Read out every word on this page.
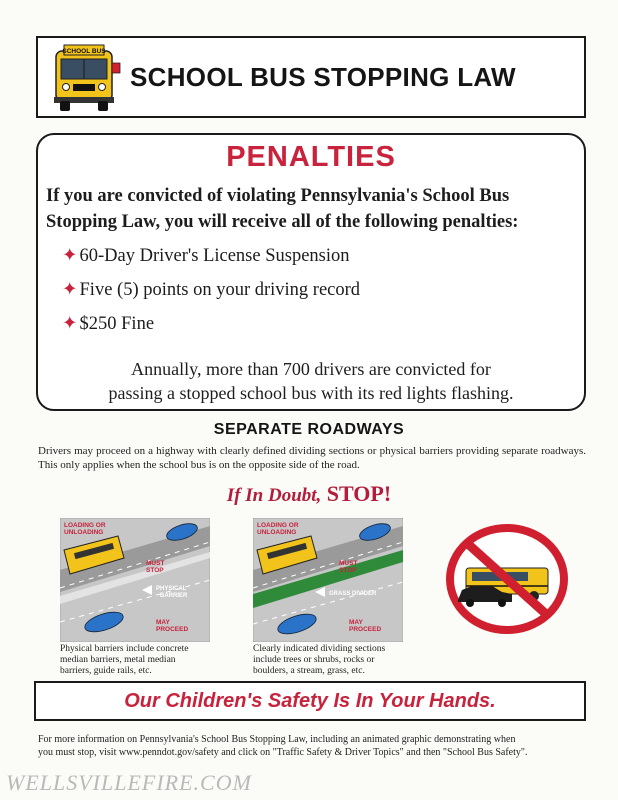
SCHOOL BUS
SCHOOL BUS STOPPING LAW
PENALTIES
If you are convicted of violating Pennsylvania's School Bus
Stopping Law, you will receive all of the following penalties:
✦ 60-Day Driver's License Suspension
✦ Five (5) points on your driving record
✦ $250 Fine
Annually, more than 700 drivers are convicted for
passing a stopped school bus with its red lights flashing.
SEPARATE ROADWAYS
Drivers may proceed on a highway with clearly defined dividing sections or physical barriers providing separate roadways. This only applies when the school bus is on the opposite side of the road.
If In Doubt, STOP!
LOADING OR
UNLOADING
MUST
STOP
PHYSICAL
BARRIER
MAY
PROCEED
Physical barriers include concrete
median barriers, metal median
barriers, guide rails, etc.
LOADING OR
UNLOADING
MUST
STOP
GRASS DIVIDER
MAY
PROCEED
Clearly indicated dividing sections
include trees or shrubs, rocks or
boulders, a stream, grass, etc.
Our Children's Safety Is In Your Hands.
For more information on Pennsylvania's School Bus Stopping Law, including an animated graphic demonstrating when
you must stop, visit www.penndot.gov/safety and click on "Traffic Safety & Driver Topics" and then "School Bus Safety".
WELLSVILLEFIRE.COM
